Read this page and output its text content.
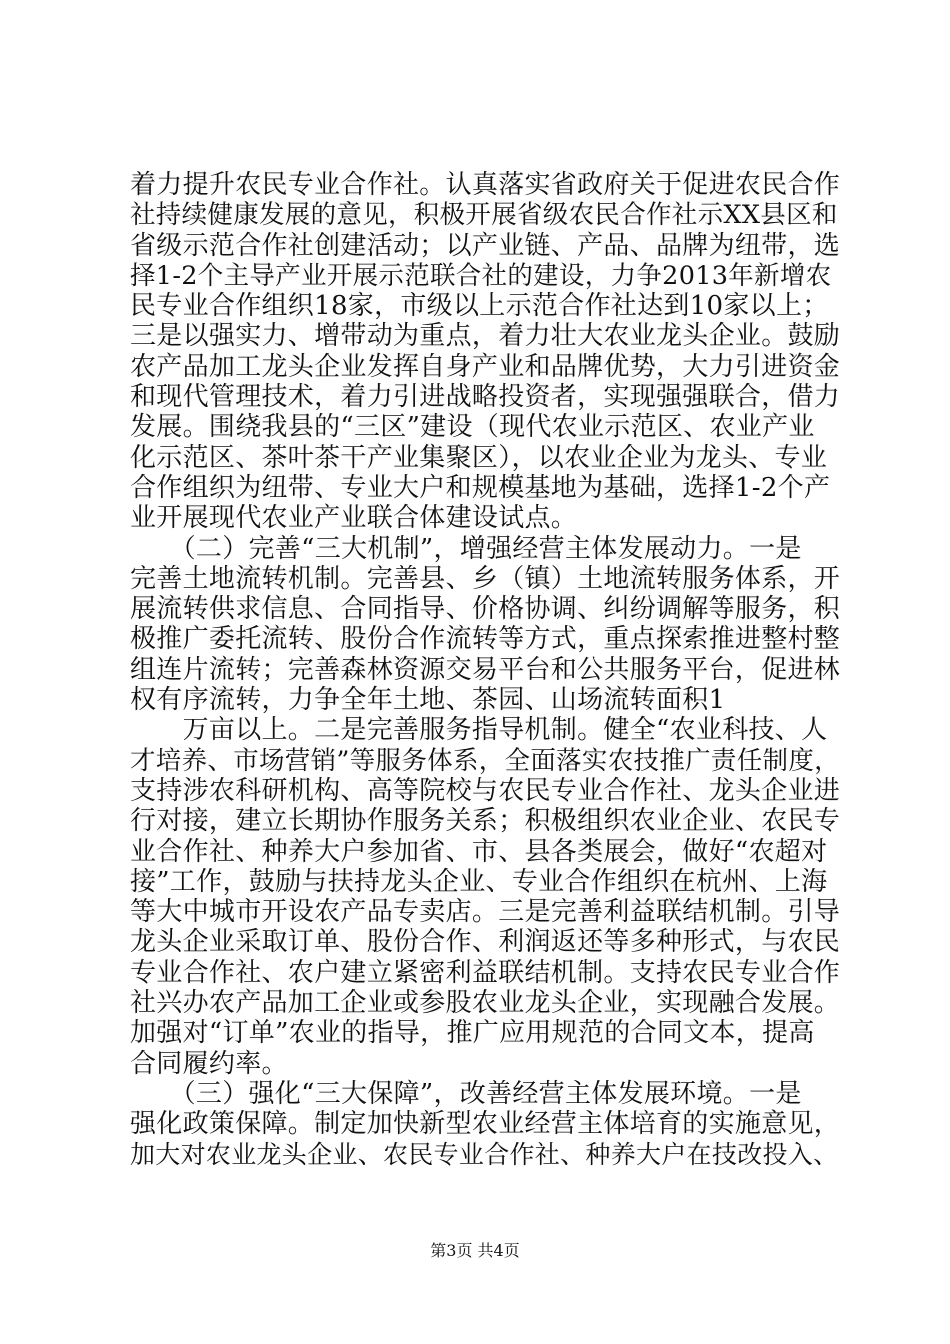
着力提升农民专业合作社。认真落实省政府关于促进农民合作
社持续健康发展的意见，积极开展省级农民合作社示XX县区和
省级示范合作社创建活动；以产业链、产品、品牌为纽带，选
择1-2个主导产业开展示范联合社的建设，力争2013年新增农
民专业合作组织18家，市级以上示范合作社达到10家以上；
三是以强实力、增带动为重点，着力壮大农业龙头企业。鼓励
农产品加工龙头企业发挥自身产业和品牌优势，大力引进资金
和现代管理技术，着力引进战略投资者，实现强强联合，借力
发展。围绕我县的“三区”建设（现代农业示范区、农业产业
化示范区、茶叶茶干产业集聚区），以农业企业为龙头、专业
合作组织为纽带、专业大户和规模基地为基础，选择1-2个产
业开展现代农业产业联合体建设试点。
　　（二）完善“三大机制”，增强经营主体发展动力。一是
完善土地流转机制。完善县、乡（镇）土地流转服务体系，开
展流转供求信息、合同指导、价格协调、纠纷调解等服务，积
极推广委托流转、股份合作流转等方式，重点探索推进整村整
组连片流转；完善森林资源交易平台和公共服务平台，促进林
权有序流转，力争全年土地、茶园、山场流转面积1
　　万亩以上。二是完善服务指导机制。健全“农业科技、人
才培养、市场营销”等服务体系，全面落实农技推广责任制度，
支持涉农科研机构、高等院校与农民专业合作社、龙头企业进
行对接，建立长期协作服务关系；积极组织农业企业、农民专
业合作社、种养大户参加省、市、县各类展会，做好“农超对
接”工作，鼓励与扶持龙头企业、专业合作组织在杭州、上海
等大中城市开设农产品专卖店。三是完善利益联结机制。引导
龙头企业采取订单、股份合作、利润返还等多种形式，与农民
专业合作社、农户建立紧密利益联结机制。支持农民专业合作
社兴办农产品加工企业或参股农业龙头企业，实现融合发展。
加强对“订单”农业的指导，推广应用规范的合同文本，提高
合同履约率。
　　（三）强化“三大保障”，改善经营主体发展环境。一是
强化政策保障。制定加快新型农业经营主体培育的实施意见，
加大对农业龙头企业、农民专业合作社、种养大户在技改投入、
第3页 共4页
